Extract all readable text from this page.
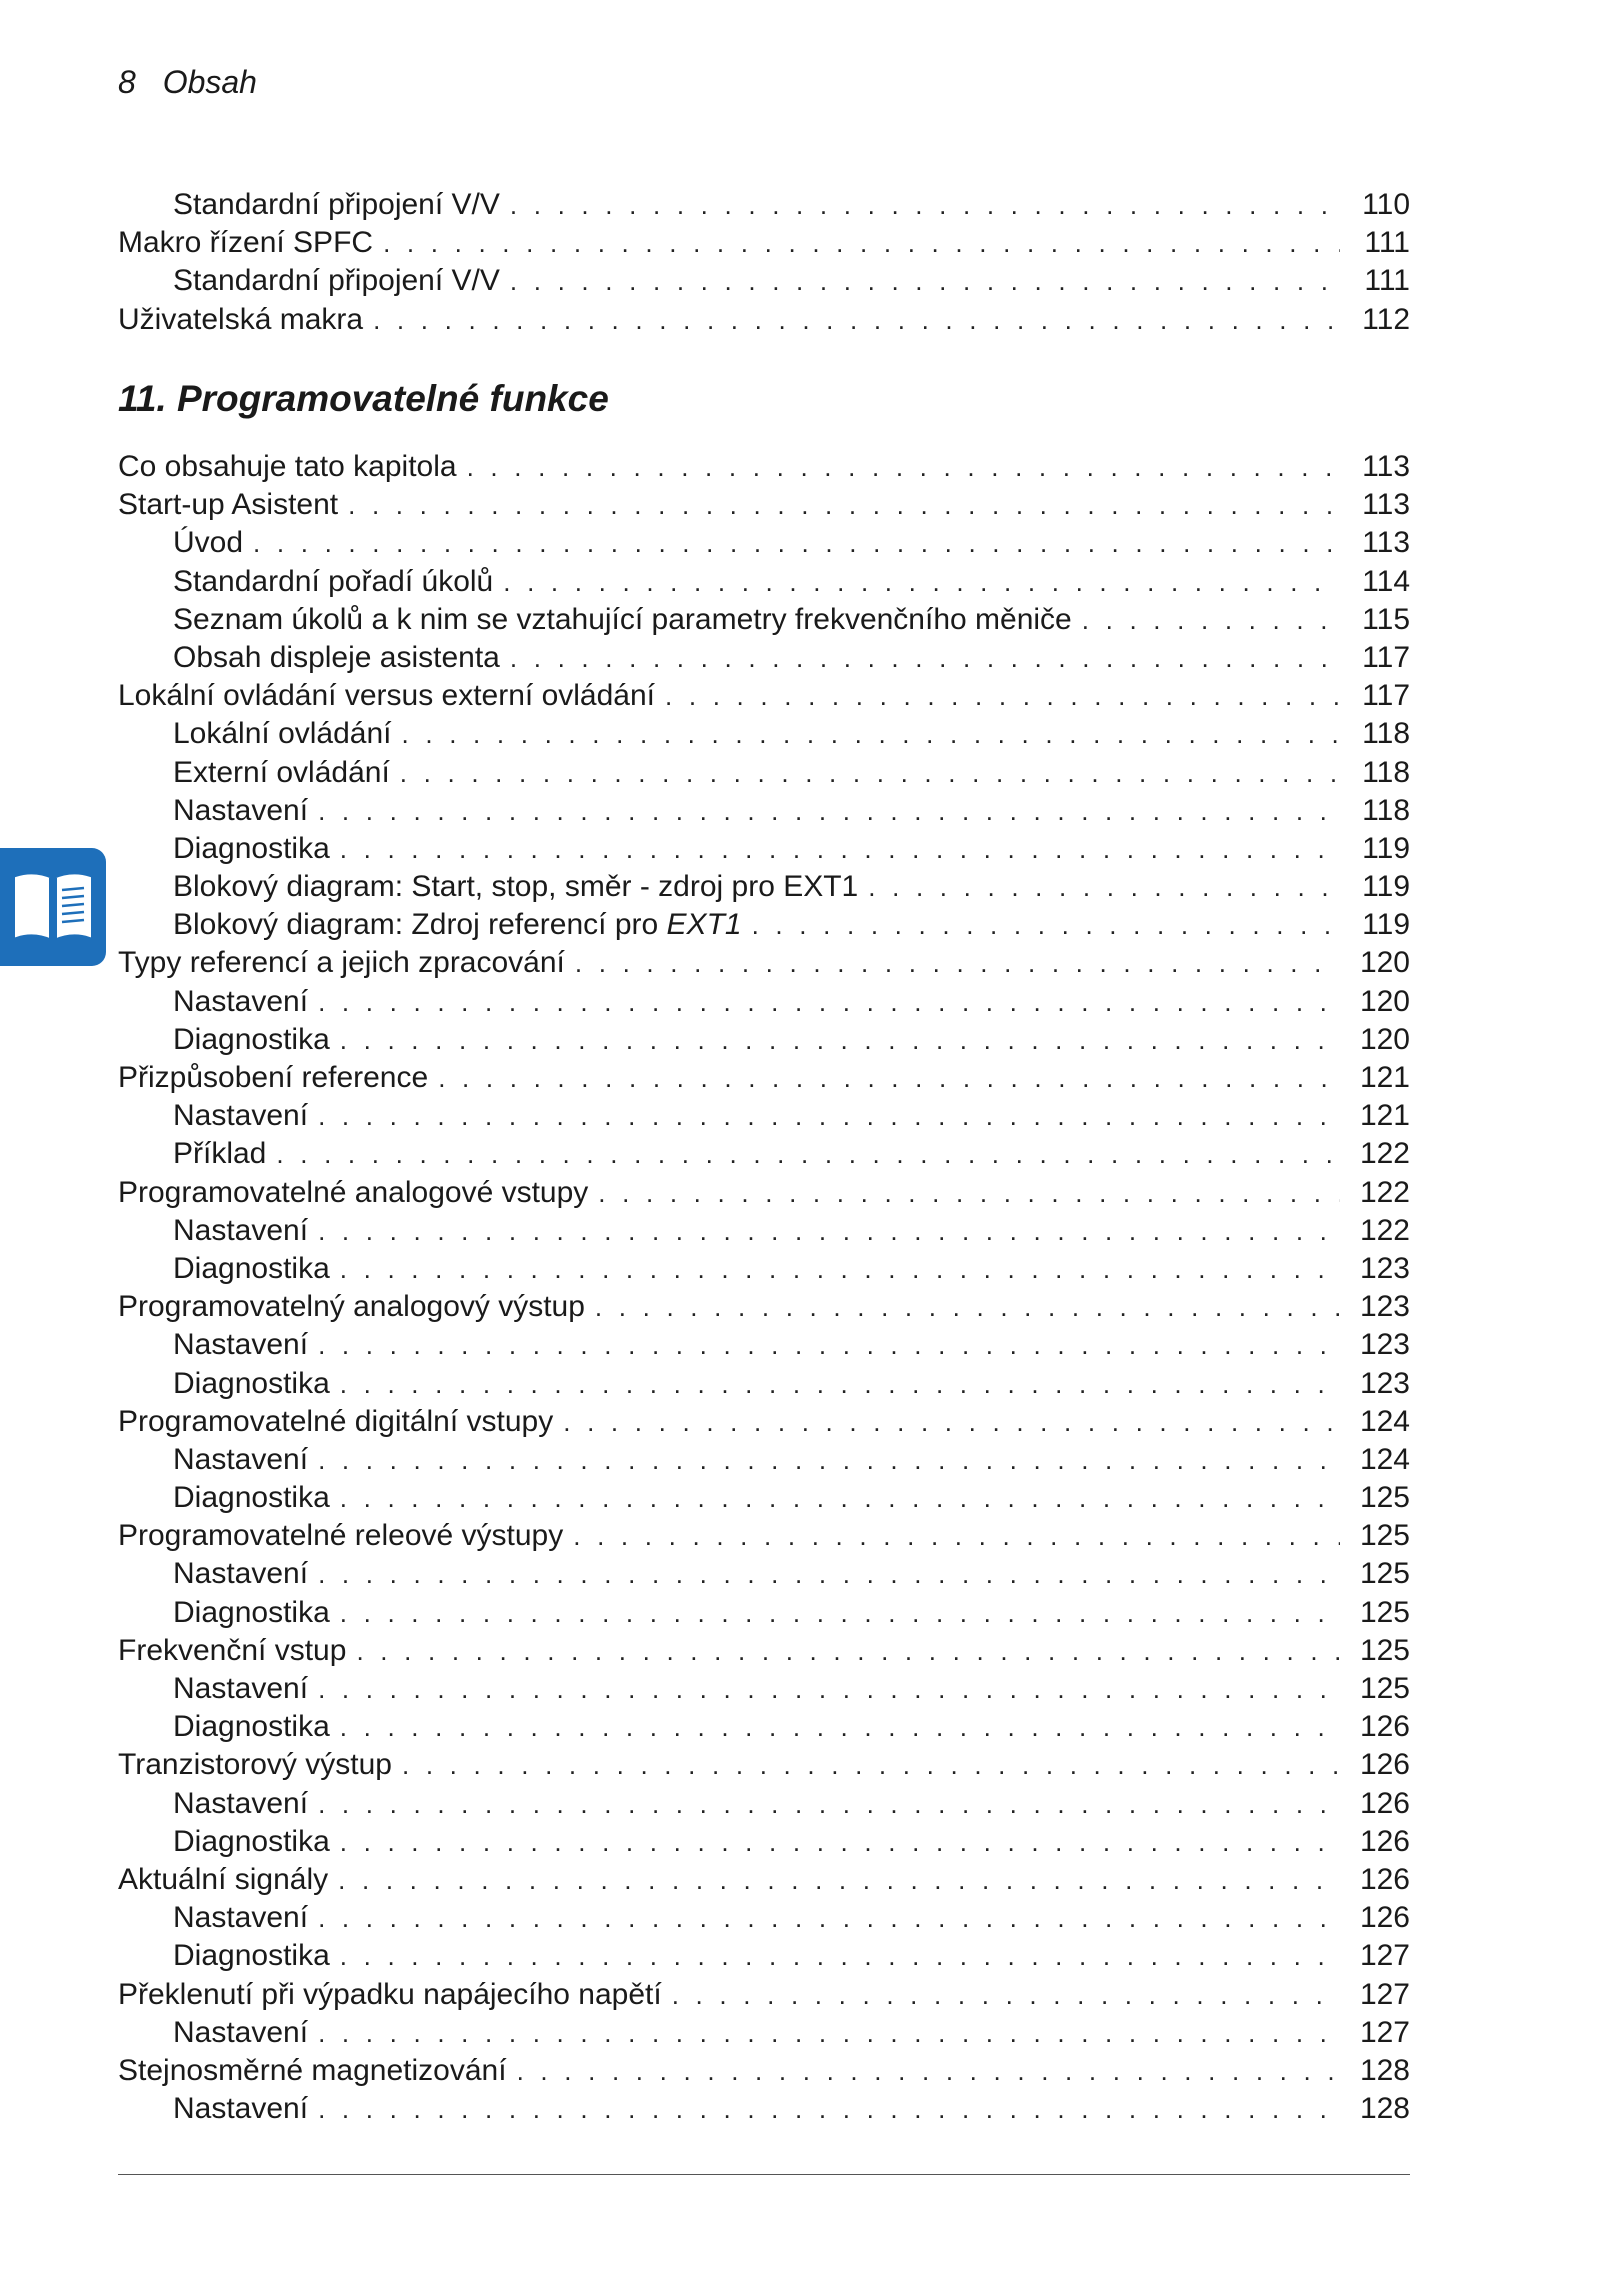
8 Obsah
Standardní připojení V/V . . .	110
Makro řízení SPFC . . .	111
Standardní připojení V/V . . .	111
Uživatelská makra . . .	112
11. Programovatelné funkce
Co obsahuje tato kapitola . . .	113
Start-up Asistent . . .	113
Úvod . . .	113
Standardní pořadí úkolů . . .	114
Seznam úkolů a k nim se vztahující parametry frekvenčního měniče . . .	115
Obsah displeje asistenta . . .	117
Lokální ovládání versus externí ovládání . . .	117
Lokální ovládání . . .	118
Externí ovládání . . .	118
Nastavení . . .	118
Diagnostika . . .	119
Blokový diagram: Start, stop, směr - zdroj pro EXT1 . . .	119
Blokový diagram: Zdroj referencí pro EXT1 . . .	119
Typy referencí a jejich zpracování . . .	120
Nastavení . . .	120
Diagnostika . . .	120
Přizpůsobení reference . . .	121
Nastavení . . .	121
Příklad . . .	122
Programovatelné analogové vstupy . . .	122
Nastavení . . .	122
Diagnostika . . .	123
Programovatelný analogový výstup . . .	123
Nastavení . . .	123
Diagnostika . . .	123
Programovatelné digitální vstupy . . .	124
Nastavení . . .	124
Diagnostika . . .	125
Programovatelné releové výstupy . . .	125
Nastavení . . .	125
Diagnostika . . .	125
Frekvenční vstup . . .	125
Nastavení . . .	125
Diagnostika . . .	126
Tranzistorový výstup . . .	126
Nastavení . . .	126
Diagnostika . . .	126
Aktuální signály . . .	126
Nastavení . . .	126
Diagnostika . . .	127
Překlenutí při výpadku napájecího napětí . . .	127
Nastavení . . .	127
Stejnosměrné magnetizování . . .	128
Nastavení . . .	128
